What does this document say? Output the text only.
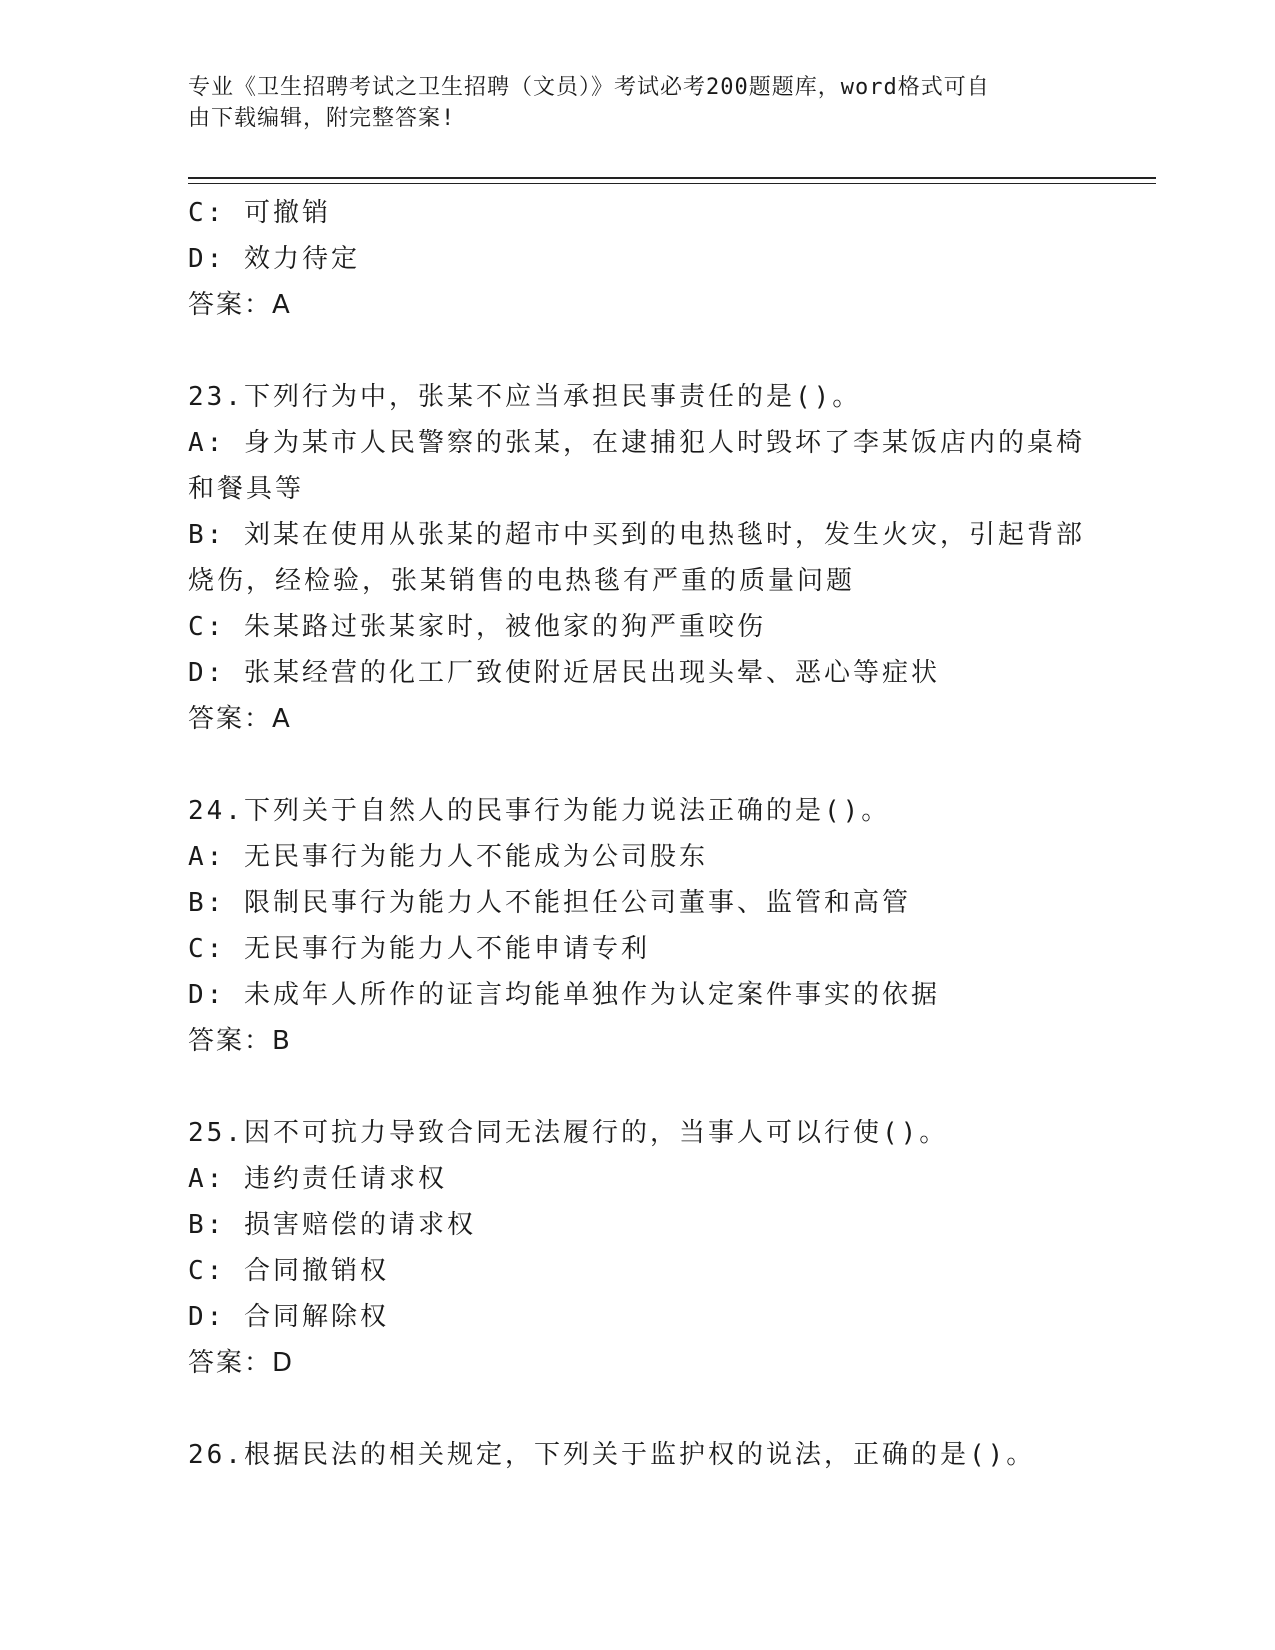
专业《卫生招聘考试之卫生招聘（文员）》考试必考200题题库，word格式可自
由下载编辑，附完整答案!
C: 可撤销
D: 效力待定
答案：A
23.下列行为中，张某不应当承担民事责任的是()。
A: 身为某市人民警察的张某，在逮捕犯人时毁坏了李某饭店内的桌椅
和餐具等
B: 刘某在使用从张某的超市中买到的电热毯时，发生火灾，引起背部
烧伤，经检验，张某销售的电热毯有严重的质量问题
C: 朱某路过张某家时，被他家的狗严重咬伤
D: 张某经营的化工厂致使附近居民出现头晕、恶心等症状
答案：A
24.下列关于自然人的民事行为能力说法正确的是()。
A: 无民事行为能力人不能成为公司股东
B: 限制民事行为能力人不能担任公司董事、监管和高管
C: 无民事行为能力人不能申请专利
D: 未成年人所作的证言均能单独作为认定案件事实的依据
答案：B
25.因不可抗力导致合同无法履行的，当事人可以行使()。
A: 违约责任请求权
B: 损害赔偿的请求权
C: 合同撤销权
D: 合同解除权
答案：D
26.根据民法的相关规定，下列关于监护权的说法，正确的是()。
